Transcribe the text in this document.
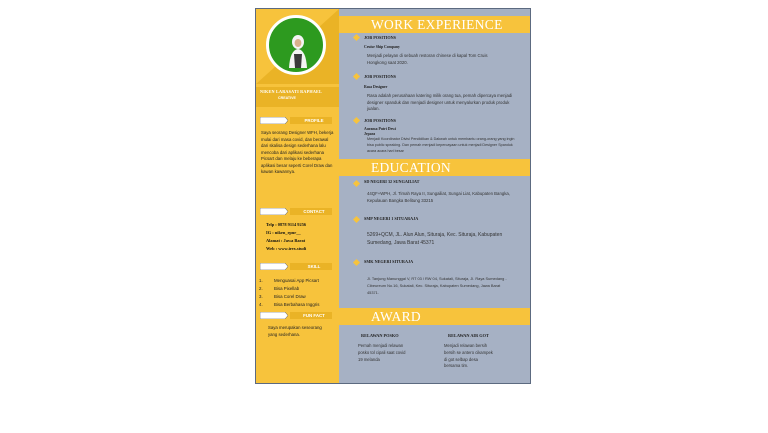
NIKEN LARASATI RAPHAEL
CREATIVE
PROFILE
Saya seorang Designer WFH, bekerja mulai dari masa covid, dan berawal dari skalisa design sederhana lalu mencoba dari aplikasi sederhana Picsart dan melaju ke beberapa aplikasi besar seperti Corel Draw dan kawan kawannya.
CONTACT
Telp : 0878 9114 9256
IG : niken_rpur__
Alamat : Jawa Barat
Web : www.irex.studi
SKILL
1.	Menguasai App Picsart
2.	Bisa Pixellab
3.	Bisa Corel Draw
4.	Bisa Berbahasa Inggris
FUN FACT
Saya merupakan seseorang yang sederhana.
WORK EXPERIENCE
JOB POSITIONS
Cruise Ship Company
Menjadi pelayan di sebuah restoran chinese di kapal Tom Cruis Hongkong saat 2020.
JOB POSITIONS
Rasa Designer
Rasa adalah perusahaan katering milik orang tua, pemah dipercaya menjadi designer spanduk dan menjadi designer untuk menyalurkan produk produk jualan.
JOB POSITIONS
Aurama Putri Dewi Jepara
Menjadi Koordinator Divisi Pendidikan & Dakwah untuk membantu orang-orang yang ingin bisa public speaking. Dan pemah menjadi kepercayaan untuk menjadi Designer Spanduk acara acara hari besar
EDUCATION
SD NEGERI 32 SUNGAILIAT
44QF+WPH, Jl. Timah Raya II, Sungailiat, Sungai Liat, Kabupaten Bangka, Kepulauan Bangka Belitung 33215
SMP NEGERI 1 SITUARAJA
5269+QCM, JL. Alun Alun, Situraja, Kec. Situraja, Kabupaten Sumedang, Jawa Barat 45371
SMK NEGERI SITURAJA
Jl. Tanjung Manunggal V, RT 03 / RW 04, Sukatali, Situraja, Jl. Raya Sumedang - Cibeureum No.16, Sukatali, Kec. Situraja, Kabupaten Sumedang, Jawa Barat 45371.
AWARD
RELAWAN POSKO
Pernah menjadi relawan posko tol cipali saat covid 19 melanda
RELAWAN AIR GOT
Menjadi relawan bersih bersih se antero cikampek di got selbap desa bersama tim.
